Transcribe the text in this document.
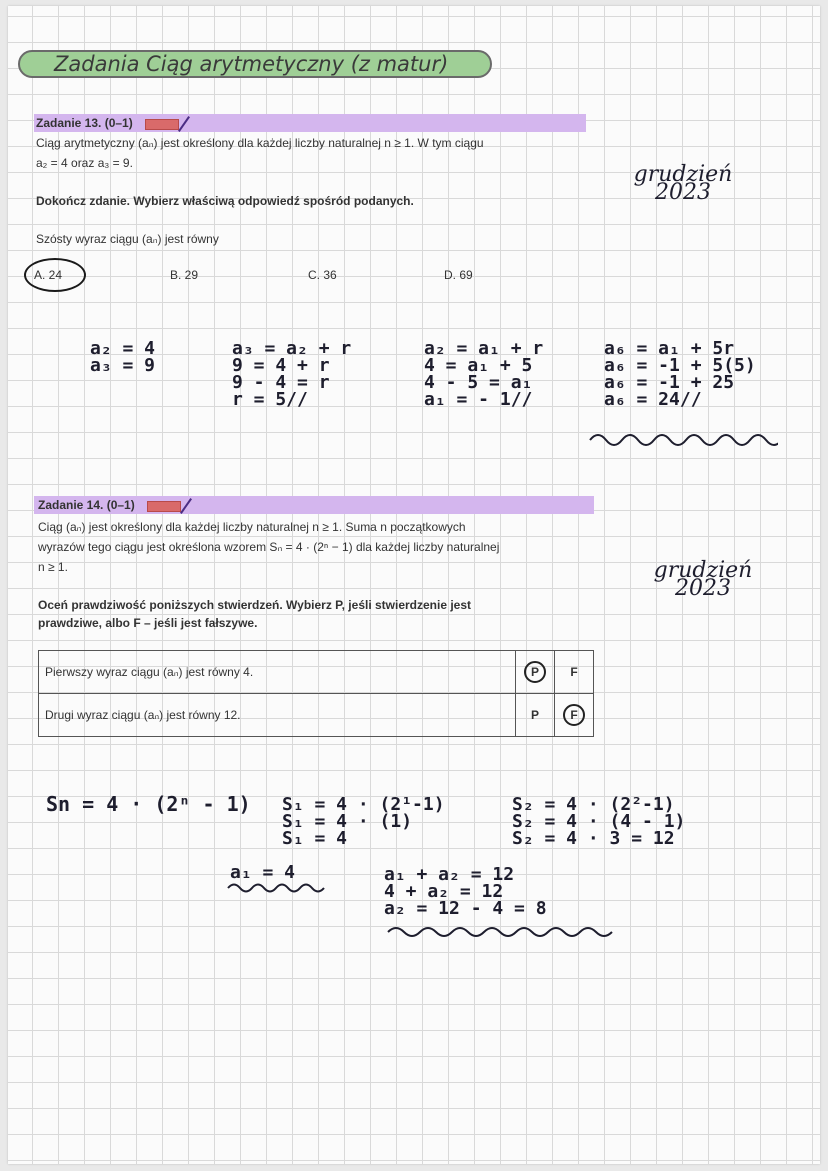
Zadania Ciąg arytmetyczny (z matur)
Zadanie 13. (0–1)
Ciąg arytmetyczny (aₙ) jest określony dla każdej liczby naturalnej n ≥ 1. W tym ciągu
a₂ = 4 oraz a₃ = 9.
Dokończ zdanie. Wybierz właściwą odpowiedź spośród podanych.
Szósty wyraz ciągu (aₙ) jest równy
A. 24	B. 29	C. 36	D. 69
grudzień
2023
a₂ = 4
a₃ = 9
a₃ = a₂ + r
9 = 4 + r
9 - 4 = r
r = 5//
a₂ = a₁ + r
4 = a₁ + 5
4 - 5 = a₁
a₁ = - 1//
a₆ = a₁ + 5r
a₆ = -1 + 5(5)
a₆ = -1 + 25
a₆ = 24//
Zadanie 14. (0–1)
Ciąg (aₙ) jest określony dla każdej liczby naturalnej n ≥ 1. Suma n początkowych
wyrazów tego ciągu jest określona wzorem Sₙ = 4 · (2ⁿ − 1) dla każdej liczby naturalnej
n ≥ 1.
Oceń prawdziwość poniższych stwierdzeń. Wybierz P, jeśli stwierdzenie jest
prawdziwe, albo F – jeśli jest fałszywe.
grudzień
2023
Pierwszy wyraz ciągu (aₙ) jest równy 4.	P	F
Drugi wyraz ciągu (aₙ) jest równy 12.	P	F
Sn = 4 · (2ⁿ - 1) S₁ = 4 · (2¹-1)
S₁ = 4 · (1)
S₁ = 4
a₁ = 4
S₂ = 4 · (2²-1)
S₂ = 4 · (4 - 1)
S₂ = 4 · 3 = 12
a₁ + a₂ = 12
4 + a₂ = 12
a₂ = 12 - 4 = 8
